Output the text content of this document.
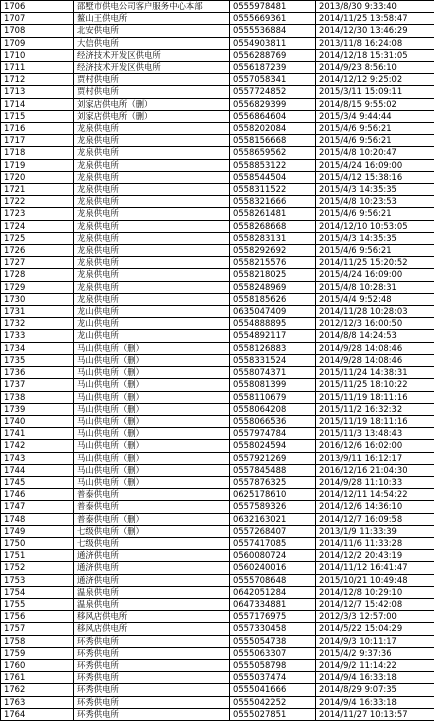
1706	邵墅市供电公司客户服务中心本部	0555978481	2013/8/30 9:33:40
1707	鳌山王供电所	0555669361	2014/11/25 13:58:47
1708	北安供电所	0555536884	2014/12/30 13:46:29
1709	大信供电所	0554903811	2013/11/8 16:24:08
1710	经济技术开发区供电所	0556288769	2014/12/18 15:31:05
1711	经济技术开发区供电所	0556187239	2014/9/23 8:56:10
1712	贾村供电所	0557058341	2014/12/12 9:25:02
1713	贾村供电所	0557724852	2015/3/11 15:09:11
1714	刘家店供电所（删）	0556829399	2014/8/15 9:55:02
1715	刘家店供电所（删）	0556864604	2015/3/4 9:44:44
1716	龙泉供电所	0558202084	2015/4/6 9:56:21
1717	龙泉供电所	0558156668	2015/4/6 9:56:21
1718	龙泉供电所	0558659562	2015/4/8 10:20:47
1719	龙泉供电所	0558853122	2015/4/24 16:09:00
1720	龙泉供电所	0558544504	2015/4/12 15:38:16
1721	龙泉供电所	0558311522	2015/4/3 14:35:35
1722	龙泉供电所	0558321666	2015/4/8 10:23:53
1723	龙泉供电所	0558261481	2015/4/6 9:56:21
1724	龙泉供电所	0558268668	2014/12/10 10:53:05
1725	龙泉供电所	0558283131	2015/4/3 14:35:35
1726	龙泉供电所	0558292692	2015/4/6 9:56:21
1727	龙泉供电所	0558215576	2014/11/25 15:20:52
1728	龙泉供电所	0558218025	2015/4/24 16:09:00
1729	龙泉供电所	0558248969	2015/4/8 10:28:31
1730	龙泉供电所	0558185626	2015/4/4 9:52:48
1731	龙山供电所	0635047409	2014/11/28 10:28:03
1732	龙山供电所	0554888895	2012/12/3 16:00:50
1733	龙山供电所	0554892117	2014/8/8 14:24:53
1734	马山供电所（删）	0558126883	2014/9/28 14:08:46
1735	马山供电所（删）	0558331524	2014/9/28 14:08:46
1736	马山供电所（删）	0558074371	2015/11/24 14:38:31
1737	马山供电所（删）	0558081399	2015/11/25 18:10:22
1738	马山供电所（删）	0558110679	2015/11/19 18:11:16
1739	马山供电所（删）	0558064208	2015/11/2 16:32:32
1740	马山供电所（删）	0558066536	2015/11/19 18:11:16
1741	马山供电所（删）	0557974784	2015/11/3 13:48:43
1742	马山供电所（删）	0558024594	2016/12/6 16:02:00
1743	马山供电所（删）	0557921269	2013/9/11 16:12:17
1744	马山供电所（删）	0557845488	2016/12/16 21:04:30
1745	马山供电所（删）	0557876325	2014/9/28 11:10:33
1746	普泰供电所	0625178610	2014/12/11 14:54:22
1747	普泰供电所	0557589326	2014/12/6 14:36:10
1748	普泰供电所（删）	0632163021	2014/12/7 16:09:58
1749	七级供电所（删）	0557268407	2013/1/9 11:33:39
1750	七级供电所	0557417085	2014/11/6 11:33:28
1751	通济供电所	0560080724	2014/12/2 20:43:19
1752	通济供电所	0560240016	2014/11/12 16:41:47
1753	通济供电所	0555708648	2015/10/21 10:49:48
1754	温泉供电所	0642051284	2014/12/8 10:29:10
1755	温泉供电所	0647334881	2014/12/7 15:42:08
1756	移风店供电所	0557176975	2012/3/3 12:57:00
1757	移风店供电所	0557330458	2014/5/22 15:04:29
1758	环秀供电所	0555054738	2014/9/3 10:11:17
1759	环秀供电所	0555063307	2015/4/2 9:37:36
1760	环秀供电所	0555058798	2014/9/2 11:14:22
1761	环秀供电所	0555037474	2014/9/4 16:33:18
1762	环秀供电所	0555041666	2014/8/29 9:07:35
1763	环秀供电所	0555042252	2014/9/4 16:33:18
1764	环秀供电所	0555027851	2014/11/27 10:13:57
